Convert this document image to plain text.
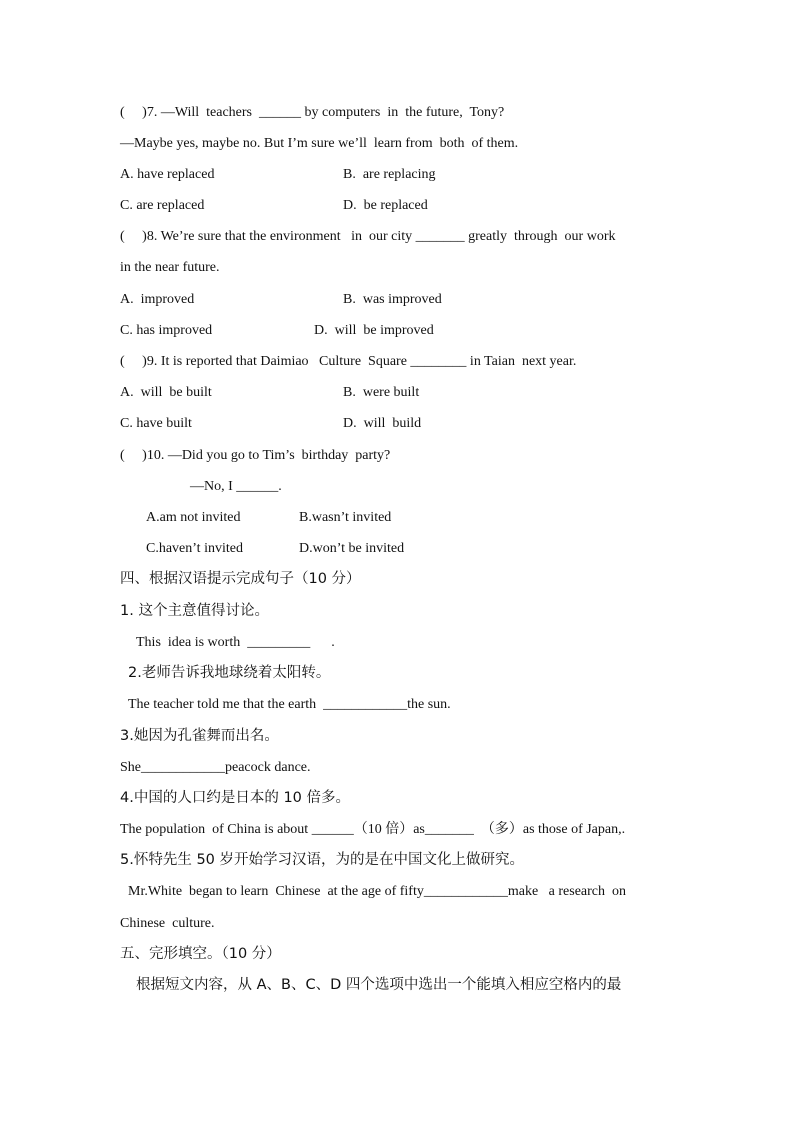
(     )7. —Will  teachers  ______ by computers  in  the future,  Tony?
—Maybe yes, maybe no. But I’m sure we’ll  learn from  both  of them.
A. have replaced	B.  are replacing
C. are replaced	D.  be replaced
(     )8. We’re sure that the environment   in  our city _______ greatly  through  our work
in the near future.
A.  improved	B.  was improved
C. has improved	D.  will  be improved
(     )9. It is reported that Daimiao   Culture  Square ________ in Taian  next year.
A.  will  be built	B.  were built
C. have built	D.  will  build
(     )10. —Did you go to Tim’s  birthday  party?
—No, I ______.
A.am not invited	B.wasn’t invited
C.haven’t invited	D.won’t be invited
四、根据汉语提示完成句子（10 分）
1. 这个主意值得讨论。
This  idea is worth  _________      .
2.老师告诉我地球绕着太阳转。
The teacher told me that the earth  ____________the sun.
3.她因为孔雀舞而出名。
She____________peacock dance.
4.中国的人口约是日本的 10 倍多。
The population  of China is about ______（10 倍）as_______  （多）as those of Japan,.
5.怀特先生 50 岁开始学习汉语，为的是在中国文化上做研究。
Mr.White  began to learn  Chinese  at the age of fifty____________make   a research  on
Chinese  culture.
五、完形填空。（10 分）
根据短文内容，从 A、B、C、D 四个选项中选出一个能填入相应空格内的最
